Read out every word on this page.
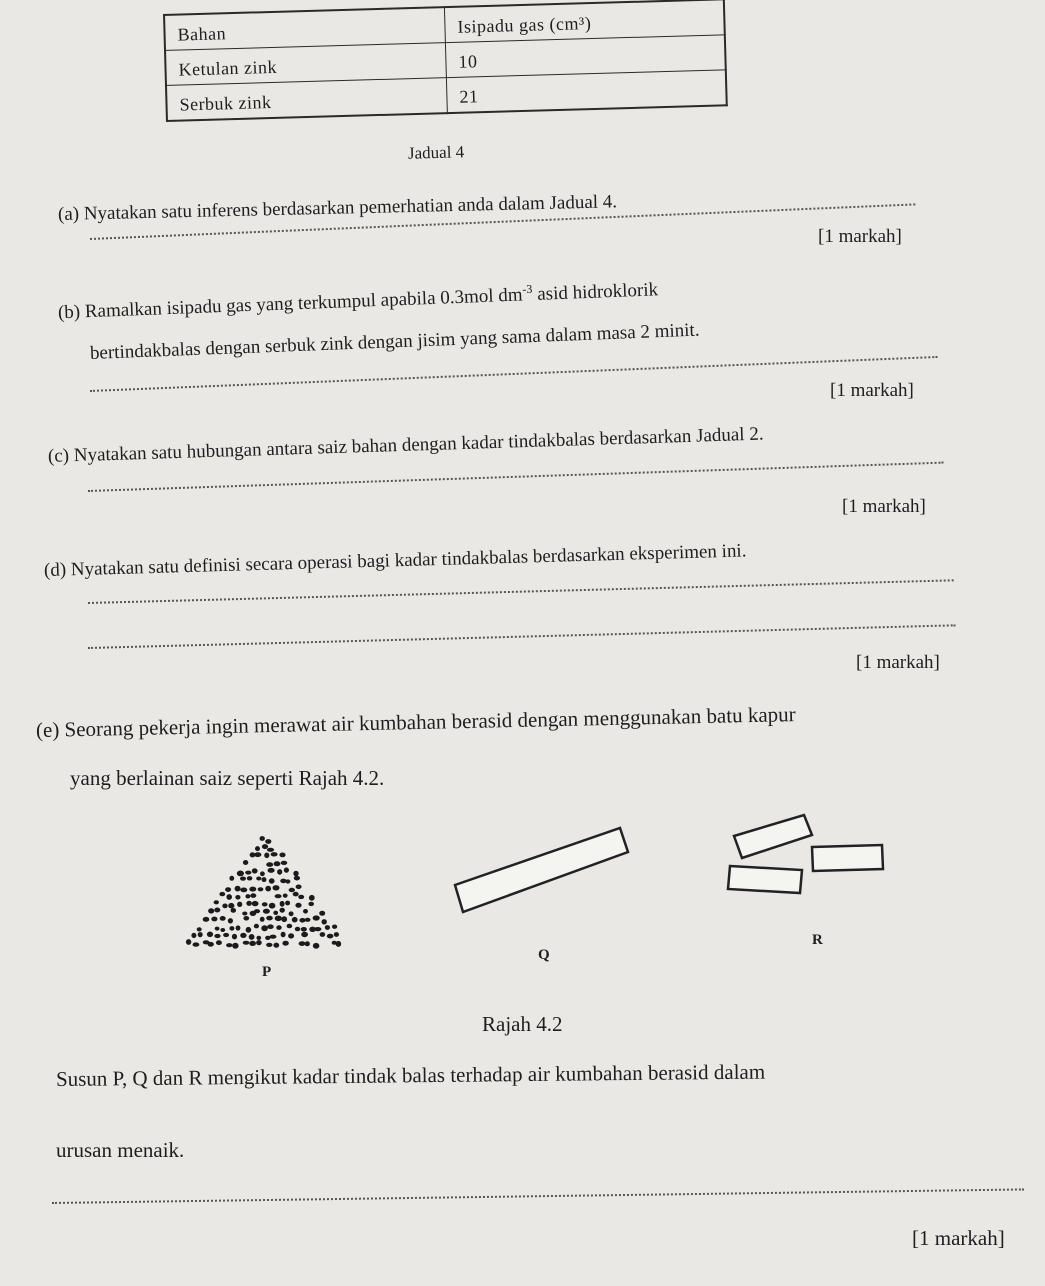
Bahan	Isipadu gas (cm³)
Ketulan zink	10
Serbuk zink	21
Jadual 4
(a) Nyatakan satu inferens berdasarkan pemerhatian anda dalam Jadual 4.
[1 markah]
(b) Ramalkan isipadu gas yang terkumpul apabila 0.3mol $dm^{-3}$ asid hidroklorik
bertindakbalas dengan serbuk zink dengan jisim yang sama dalam masa 2 minit.
[1 markah]
(c) Nyatakan satu hubungan antara saiz bahan dengan kadar tindakbalas berdasarkan Jadual 2.
[1 markah]
(d) Nyatakan satu definisi secara operasi bagi kadar tindakbalas berdasarkan eksperimen ini.
[1 markah]
(e) Seorang pekerja ingin merawat air kumbahan berasid dengan menggunakan batu kapur
yang berlainan saiz seperti Rajah 4.2.
P
Q
R
Rajah 4.2
Susun P, Q dan R mengikut kadar tindak balas terhadap air kumbahan berasid dalam
urusan menaik.
[1 markah]
